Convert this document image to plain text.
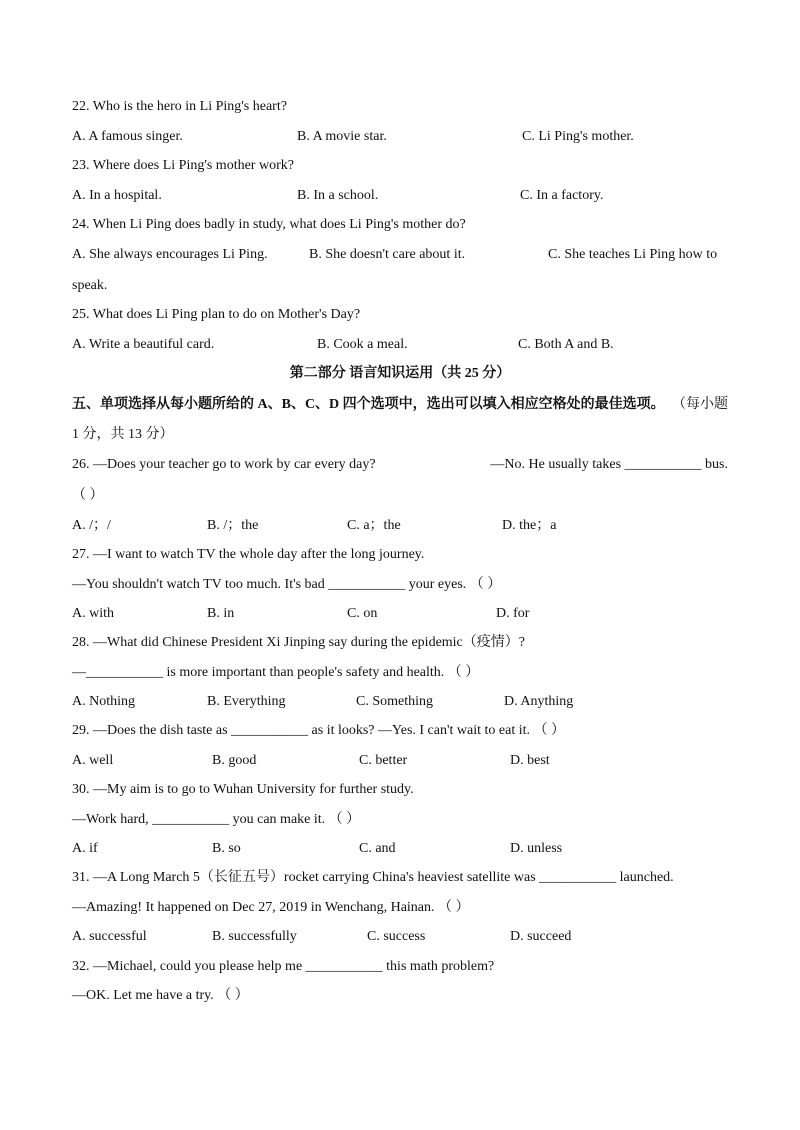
22. Who is the hero in Li Ping's heart?
A. A famous singer.	B. A movie star.	C. Li Ping's mother.
23. Where does Li Ping's mother work?
A. In a hospital.	B. In a school.	C. In a factory.
24. When Li Ping does badly in study, what does Li Ping's mother do?
A. She always encourages Li Ping.	B. She doesn't care about it.	C. She teaches Li Ping how to
speak.
25. What does Li Ping plan to do on Mother's Day?
A. Write a beautiful card.	B. Cook a meal.	C. Both A and B.
第二部分 语言知识运用（共 25 分）
五、单项选择从每小题所给的 A、B、C、D 四个选项中，选出可以填入相应空格处的最佳选项。 （每小题
1 分，共 13 分）
26. —Does your teacher go to work by car every day?	—No. He usually takes ___________ bus.
（ ）
A. /；/	B. /；the	C. a；the	D. the；a
27. —I want to watch TV the whole day after the long journey.
—You shouldn't watch TV too much. It's bad ___________ your eyes. （ ）
A. with	B. in	C. on	D. for
28. —What did Chinese President Xi Jinping say during the epidemic（疫情）?
—___________ is more important than people's safety and health. （ ）
A. Nothing	B. Everything	C. Something	D. Anything
29. —Does the dish taste as ___________ as it looks? —Yes. I can't wait to eat it. （ ）
A. well	B. good	C. better	D. best
30. —My aim is to go to Wuhan University for further study.
—Work hard, ___________ you can make it. （ ）
A. if	B. so	C. and	D. unless
31. —A Long March 5（长征五号）rocket carrying China's heaviest satellite was ___________ launched.
—Amazing! It happened on Dec 27, 2019 in Wenchang, Hainan. （ ）
A. successful	B. successfully	C. success	D. succeed
32. —Michael, could you please help me ___________ this math problem?
—OK. Let me have a try. （ ）
